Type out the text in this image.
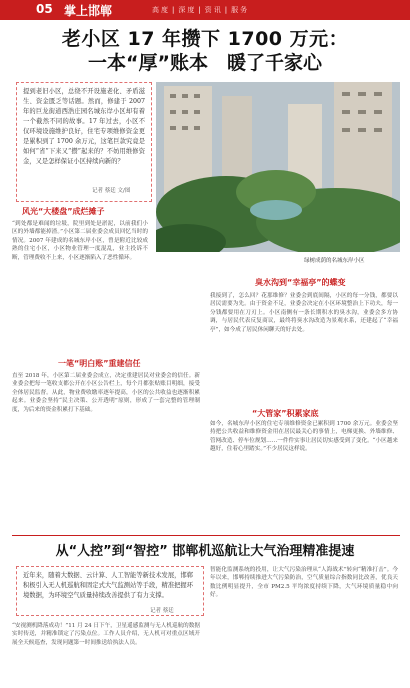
05 掌上邯郸	高度 | 深度 | 资讯 | 服务
老小区 17 年攒下 1700 万元：
一本“厚”账本　暖了千家心
提到老旧小区，总绕不开设施老化、矛盾滋生、资金匮乏等话题。然而，修建于 2007 年的巨龙街道西浩庄园名城东岸小区却有着一个截然不同的故事。17 年过去，小区不仅环境设施维护良好，住宅专项维修资金更是累积到了 1700 余万元，这笔巨款究竟是如何“省”下来又“攒”起来的？不妨用维修资金，又是怎样保证小区持续向新的？
记者 蔡廷 文/图
绿树成荫的名城东岸小区
风光“大楼盘”成烂摊子
“到处都是难闻的垃圾，院里到处是淤泥，以前我们小区的外墙都能掉渣。”小区第二届业委会成员回忆当时的情况。2007 年建成的名城东岸小区，曾是附近比较成熟的住宅小区，小区物业管理一度混乱，业主投诉不断，管理费收不上来，小区逐渐陷入了恶性循环。
臭水沟到“幸福亭”的蝶变
我接到了，怎么回？花那维修？业委会到底间隔，小区的每一分钱，都要以居民需要为先。由于资金不足，业委会决定在小区环境整治上下功夫，每一分钱都要用在刀刃上。小区南侧有一条长期积水的臭水沟，业委会多方协调，与居民代表反复商议，最终将臭水沟改造为景观水系，还建起了“幸福亭”，如今成了居民休闲聊天的好去处。
一笔“明白账”重建信任
直至 2018 年，小区第二届业委会成立，决定重建居民对业委会的信任。新业委会把每一笔收支都公开在小区公告栏上，每个月都张贴账目明细，接受全体居民监督。从此，物业费收缴率逐年提高，小区的公共收益也逐渐积累起来。业委会坚持“民主决策、公开透明”原则，形成了一套完整的管理制度，为后来的资金积累打下基础。	“大管家”积累家底
如今，名城东岸小区的住宅专项维修资金已累积到 1700 余万元。业委会坚持把公共收益和维修资金用在居民最关心的事情上，电梯更换、外墙维修、管网改造、停车位规划……一件件实事让居民切实感受到了变化。“小区越来越好，住着心里踏实。”不少居民这样说。
从“人控”到“智控” 邯郸机巡航让大气治理精准提速
近年来，随着大数据、云计算、人工智能等新技术发展，邯郸积极引入无人机巡航和固定式大气监测站等手段，精准把握环境数据，为环境空气质量持续改善提供了有力支撑。
记者 蔡廷
“安视测机降落成功！”11 月 24 日下午，卫星遥感监测与无人机巡航的数据实时传送，并精准锁定了污染点位。工作人员介绍，无人机可对重点区域开展全天候巡查，发现问题第一时间推送给执法人员。
智能化监测系统的投用，让大气污染治理从“人海战术”转向“精准打击”。今年以来，邯郸持续推进大气污染防治，空气质量综合指数同比改善，优良天数比例明显提升，全市 PM2.5 平均浓度持续下降，大气环境质量稳中向好。
